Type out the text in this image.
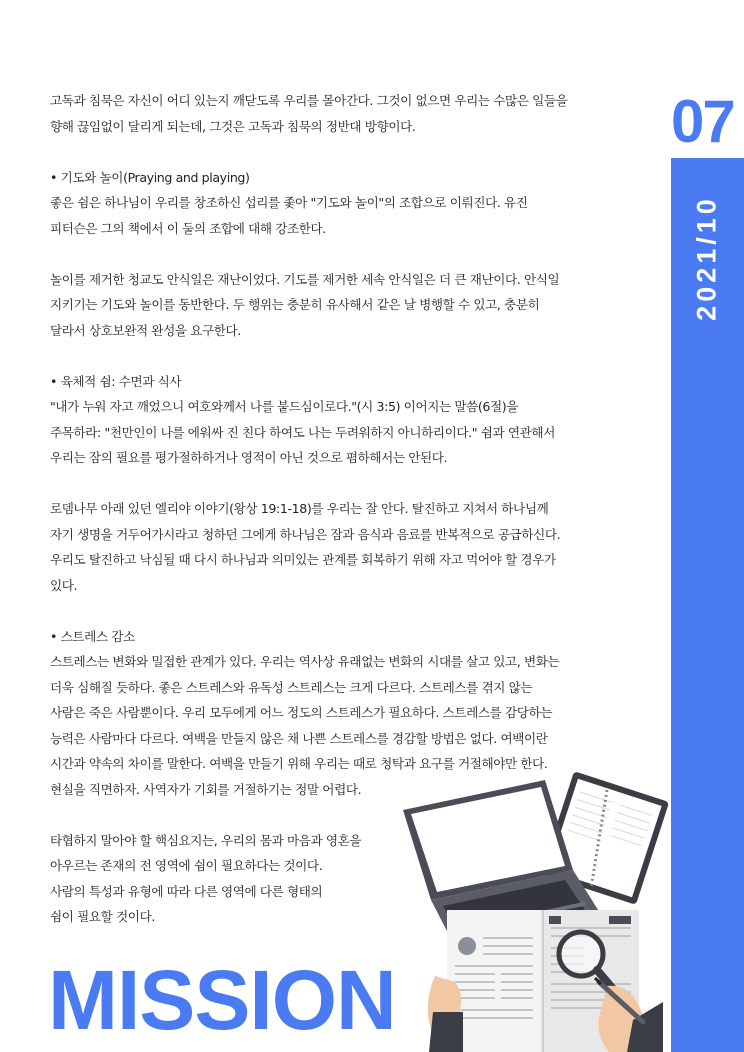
07
2021/10
고독과 침묵은 자신이 어디 있는지 깨닫도록 우리를 몰아간다. 그것이 없으면 우리는 수많은 일들을
향해 끊임없이 달리게 되는데, 그것은 고독과 침묵의 정반대 방향이다.
• 기도와 놀이(Praying and playing)
좋은 쉼은 하나님이 우리를 창조하신 섭리를 좇아 "기도와 놀이"의 조합으로 이뤄진다. 유진
피터슨은 그의 책에서 이 둘의 조합에 대해 강조한다.
놀이를 제거한 청교도 안식일은 재난이었다. 기도를 제거한 세속 안식일은 더 큰 재난이다. 안식일
지키기는 기도와 놀이를 동반한다. 두 행위는 충분히 유사해서 같은 날 병행할 수 있고, 충분히
달라서 상호보완적 완성을 요구한다.
• 육체적 쉼: 수면과 식사
"내가 누워 자고 깨었으니 여호와께서 나를 붙드심이로다."(시 3:5) 이어지는 말씀(6절)을
주목하라: "천만인이 나를 에워싸 진 친다 하여도 나는 두려워하지 아니하리이다." 쉼과 연관해서
우리는 잠의 필요를 평가절하하거나 영적이 아닌 것으로 폄하해서는 안된다.
로뎀나무 아래 있던 엘리야 이야기(왕상 19:1-18)를 우리는 잘 안다. 탈진하고 지쳐서 하나님께
자기 생명을 거두어가시라고 청하던 그에게 하나님은 잠과 음식과 음료를 반복적으로 공급하신다.
우리도 탈진하고 낙심될 때 다시 하나님과 의미있는 관계를 회복하기 위해 자고 먹어야 할 경우가
있다.
• 스트레스 감소
스트레스는 변화와 밀접한 관계가 있다. 우리는 역사상 유래없는 변화의 시대를 살고 있고, 변화는
더욱 심해질 듯하다. 좋은 스트레스와 유독성 스트레스는 크게 다르다. 스트레스를 겪지 않는
사람은 죽은 사람뿐이다. 우리 모두에게 어느 정도의 스트레스가 필요하다. 스트레스를 감당하는
능력은 사람마다 다르다. 여백을 만들지 않은 채 나쁜 스트레스를 경감할 방법은 없다. 여백이란
시간과 약속의 차이를 말한다. 여백을 만들기 위해 우리는 때로 청탁과 요구를 거절해야만 한다.
현실을 직면하자. 사역자가 기회를 거절하기는 정말 어렵다.
타협하지 말아야 할 핵심요지는, 우리의 몸과 마음과 영혼을
아우르는 존재의 전 영역에 쉼이 필요하다는 것이다.
사람의 특성과 유형에 따라 다른 영역에 다른 형태의
쉼이 필요할 것이다.
MISSION
